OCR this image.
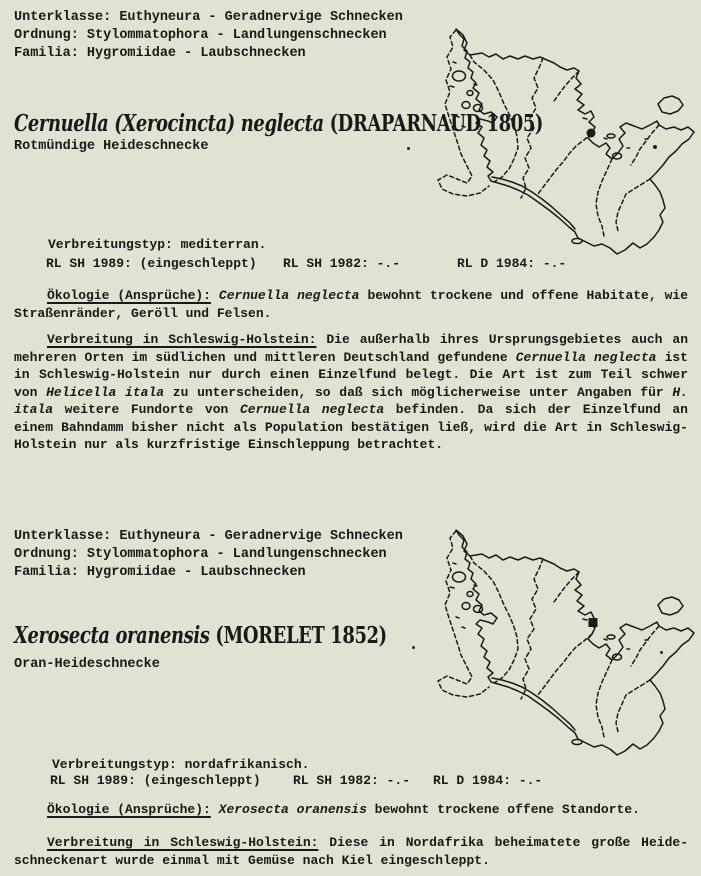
Unterklasse: Euthyneura - Geradnervige Schnecken
Ordnung: Stylommatophora - Landlungenschnecken
Familia: Hygromiidae - Laubschnecken
Cernuella (Xerocincta) neglecta (DRAPARNAUD 1805)
Rotmündige Heideschnecke
Verbreitungstyp: mediterran.
RL SH 1989: (eingeschleppt) RL SH 1982: -.-	RL D 1984: -.-
Ökologie (Ansprüche): Cernuella neglecta bewohnt trockene und offene Habitate, wie Straßenränder, Geröll und Felsen.
Verbreitung in Schleswig-Holstein: Die außerhalb ihres Ursprungsgebietes auch an mehreren Orten im südlichen und mittleren Deutschland gefundene Cernuella neglecta ist in Schleswig-Holstein nur durch einen Einzelfund belegt. Die Art ist zum Teil schwer von Helicella itala zu unterscheiden, so daß sich möglicherweise unter Angaben für H. itala weitere Fundorte von Cernuella neglecta befinden. Da sich der Einzelfund an einem Bahndamm bisher nicht als Population bestätigen ließ, wird die Art in Schleswig-Holstein nur als kurzfristige Einschleppung betrachtet.
Unterklasse: Euthyneura - Geradnervige Schnecken
Ordnung: Stylommatophora - Landlungenschnecken
Familia: Hygromiidae - Laubschnecken
Xerosecta oranensis (MORELET 1852)
Oran-Heideschnecke
Verbreitungstyp: nordafrikanisch.
RL SH 1989: (eingeschleppt) RL SH 1982: -.- RL D 1984: -.-
Ökologie (Ansprüche): Xerosecta oranensis bewohnt trockene offene Standorte.
Verbreitung in Schleswig-Holstein: Diese in Nordafrika beheimatete große Heide-schneckenart wurde einmal mit Gemüse nach Kiel eingeschleppt.
